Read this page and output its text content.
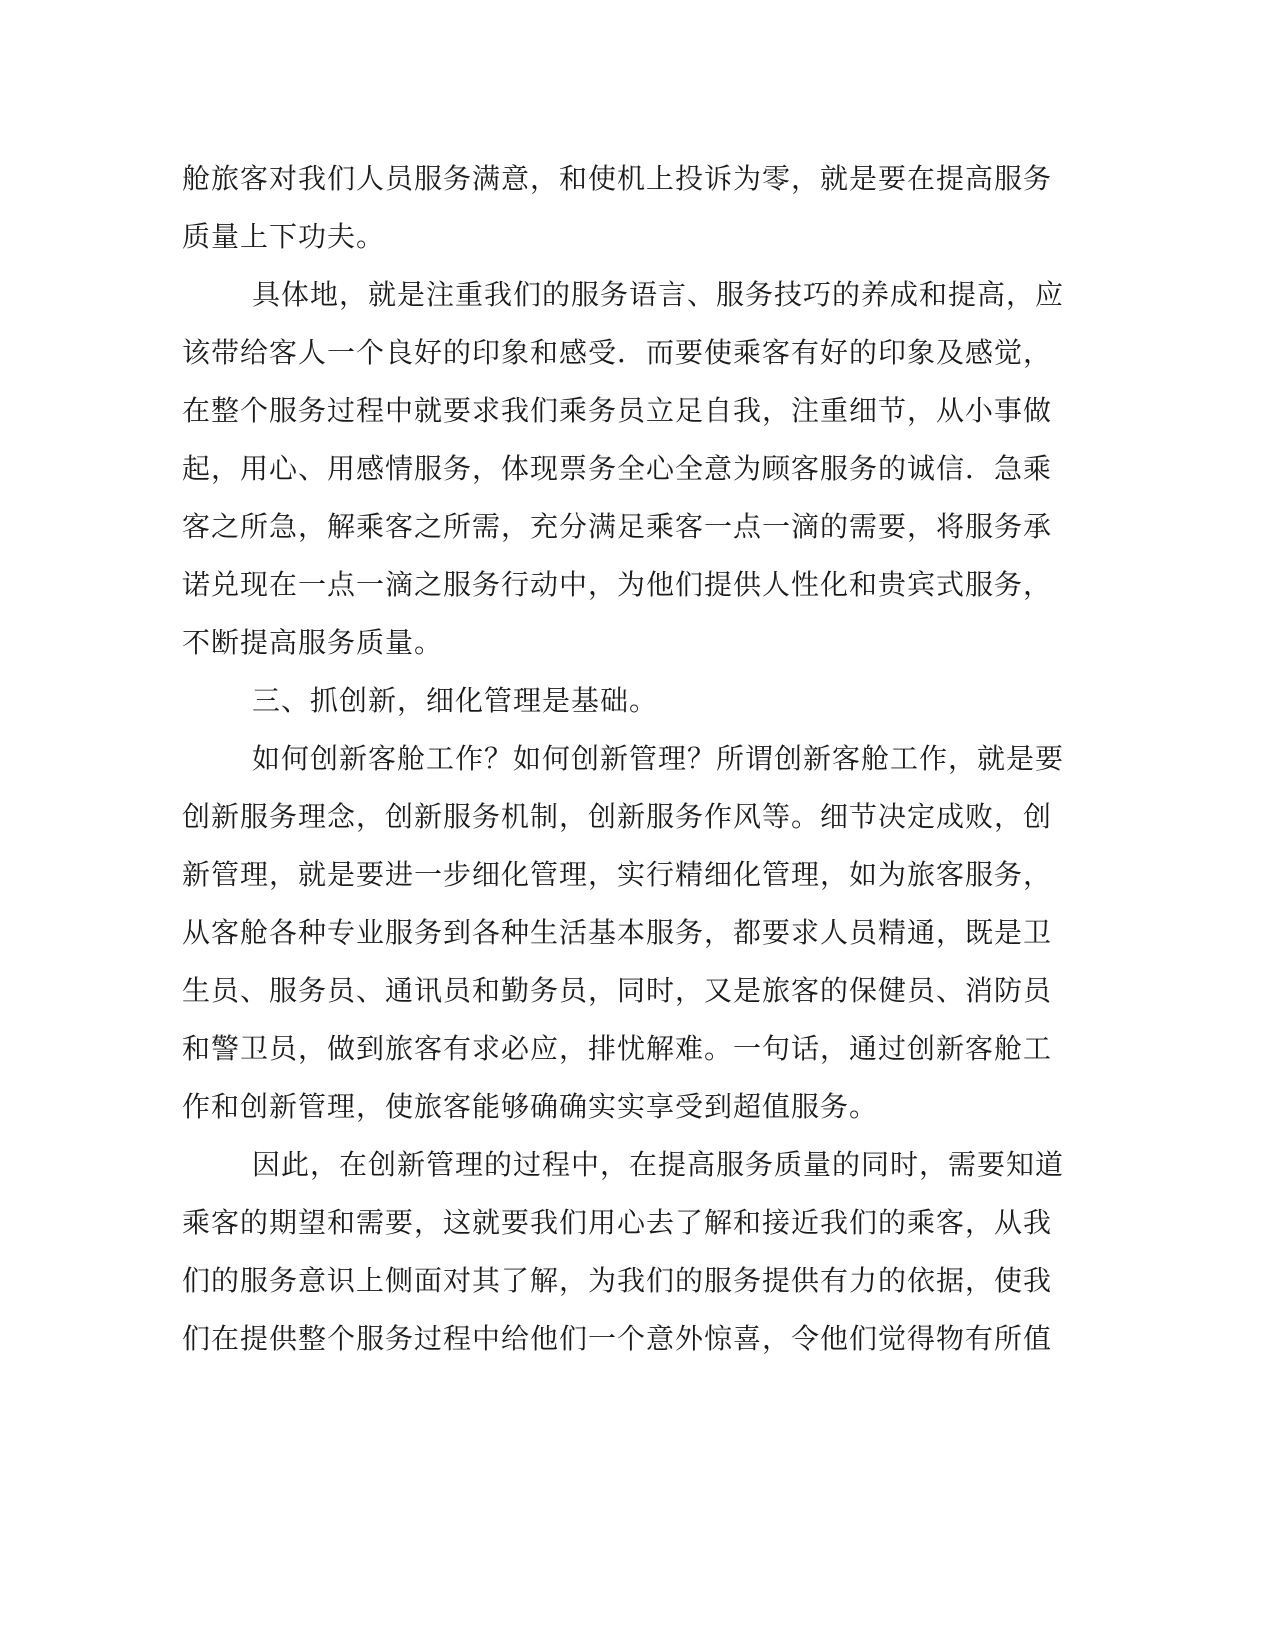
舱旅客对我们人员服务满意，和使机上投诉为零，就是要在提高服务
质量上下功夫。
具体地，就是注重我们的服务语言、服务技巧的养成和提高，应
该带给客人一个良好的印象和感受．而要使乘客有好的印象及感觉，
在整个服务过程中就要求我们乘务员立足自我，注重细节，从小事做
起，用心、用感情服务，体现票务全心全意为顾客服务的诚信．急乘
客之所急，解乘客之所需，充分满足乘客一点一滴的需要，将服务承
诺兑现在一点一滴之服务行动中，为他们提供人性化和贵宾式服务，
不断提高服务质量。
三、抓创新，细化管理是基础。
如何创新客舱工作？如何创新管理？所谓创新客舱工作，就是要
创新服务理念，创新服务机制，创新服务作风等。细节决定成败，创
新管理，就是要进一步细化管理，实行精细化管理，如为旅客服务，
从客舱各种专业服务到各种生活基本服务，都要求人员精通，既是卫
生员、服务员、通讯员和勤务员，同时，又是旅客的保健员、消防员
和警卫员，做到旅客有求必应，排忧解难。一句话，通过创新客舱工
作和创新管理，使旅客能够确确实实享受到超值服务。
因此，在创新管理的过程中，在提高服务质量的同时，需要知道
乘客的期望和需要，这就要我们用心去了解和接近我们的乘客，从我
们的服务意识上侧面对其了解，为我们的服务提供有力的依据，使我
们在提供整个服务过程中给他们一个意外惊喜，令他们觉得物有所值
